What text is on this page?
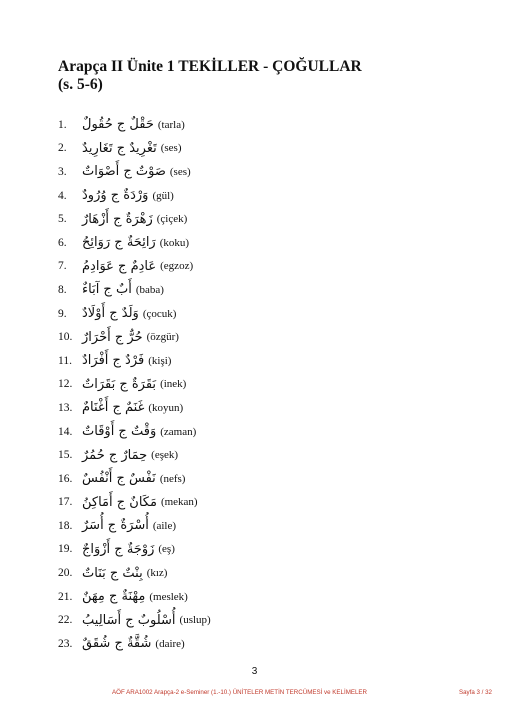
Arapça II Ünite 1 TEKİLLER - ÇOĞULLAR
(s. 5-6)
1.	حَقْلٌ ج حُقُولٌ (tarla)
2.	تَغْرِيدٌ ج تَغَارِيدٌ (ses)
3.	صَوْتٌ ج أَصْوَاتٌ (ses)
4.	وَرْدَةٌ ج وُرُودٌ (gül)
5.	زَهْرَةٌ ج أَزْهَارٌ (çiçek)
6.	رَائِحَةٌ ج رَوَائِحُ (koku)
7.	عَادِمٌ ج عَوَادِمُ (egzoz)
8.	أَبٌ ج آبَاءٌ (baba)
9.	وَلَدٌ ج أَوْلَادٌ (çocuk)
10. حُرٌّ ج أَحْرَارٌ (özgür)
11. فَرْدٌ ج أَفْرَادٌ (kişi)
12. بَقَرَةٌ ج بَقَرَاتٌ (inek)
13. غَنَمٌ ج أَغْنَامٌ (koyun)
14. وَقْتٌ ج أَوْقَاتٌ (zaman)
15. حِمَارٌ ج حُمُرٌ (eşek)
16. نَفْسٌ ج أَنْفُسٌ (nefs)
17. مَكَانٌ ج أَمَاكِنُ (mekan)
18. أُسْرَةٌ ج أُسَرٌ (aile)
19. زَوْجَةٌ ج أَزْوَاجٌ (eş)
20. بِنْتٌ ج بَنَاتٌ (kız)
21. مِهْنَةٌ ج مِهَنٌ (meslek)
22. أُسْلُوبٌ ج أَسَالِيبُ (uslup)
23. شُقَّةٌ ج شُقَقٌ (daire)
3
AÖF ARA1002 Arapça-2 e-Seminer (1.-10.) ÜNİTELER METİN TERCÜMESİ ve KELİMELER	Sayfa 3 / 32
